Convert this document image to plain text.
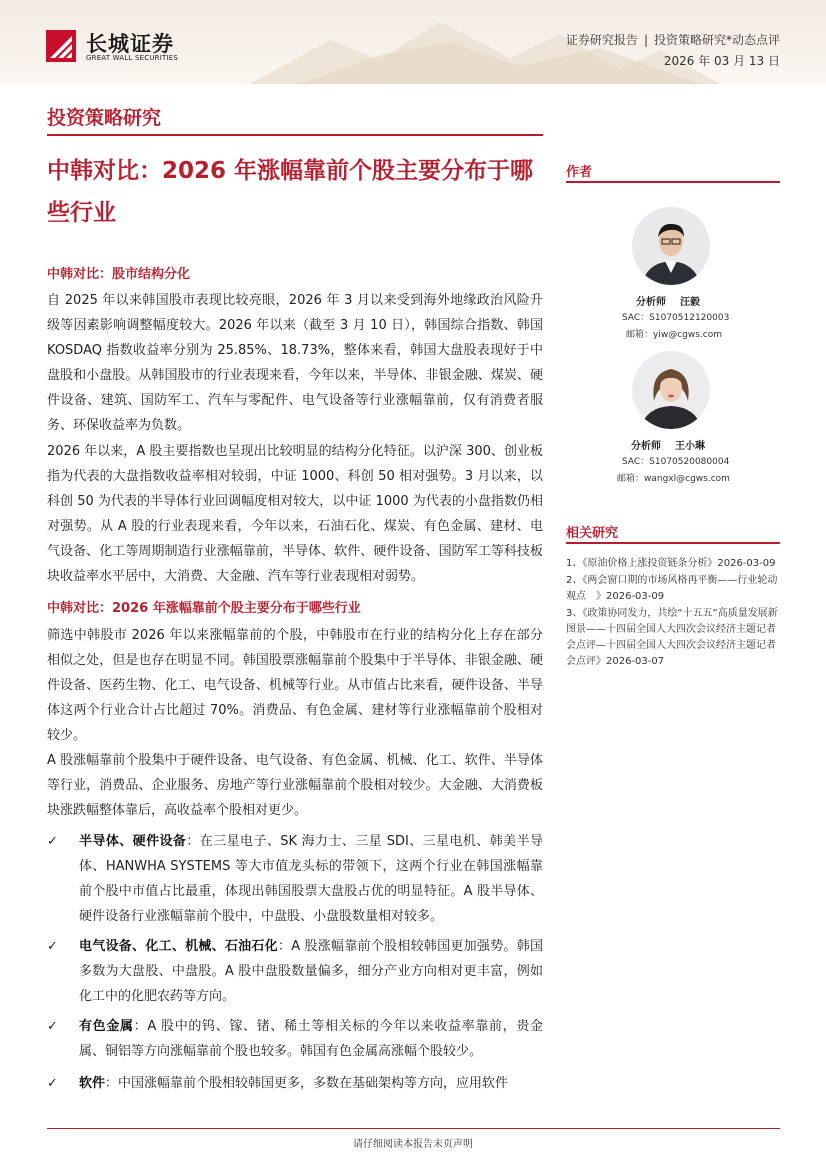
长城证券
GREAT WALL SECURITIES
证券研究报告 | 投资策略研究*动态点评
2026 年 03 月 13 日
投资策略研究
中韩对比：2026 年涨幅靠前个股主要分布于哪些行业
中韩对比：股市结构分化

自 2025 年以来韩国股市表现比较亮眼，2026 年 3 月以来受到海外地缘政治风险升级等因素影响调整幅度较大。2026 年以来（截至 3 月 10 日），韩国综合指数、韩国 KOSDAQ 指数收益率分别为 25.85%、18.73%，整体来看，韩国大盘股表现好于中盘股和小盘股。从韩国股市的行业表现来看，今年以来，半导体、非银金融、煤炭、硬件设备、建筑、国防军工、汽车与零配件、电气设备等行业涨幅靠前，仅有消费者服务、环保收益率为负数。

2026 年以来，A 股主要指数也呈现出比较明显的结构分化特征。以沪深 300、创业板指为代表的大盘指数收益率相对较弱，中证 1000、科创 50 相对强势。3 月以来，以科创 50 为代表的半导体行业回调幅度相对较大，以中证 1000 为代表的小盘指数仍相对强势。从 A 股的行业表现来看，今年以来，石油石化、煤炭、有色金属、建材、电气设备、化工等周期制造行业涨幅靠前，半导体、软件、硬件设备、国防军工等科技板块收益率水平居中，大消费、大金融、汽车等行业表现相对弱势。

中韩对比：2026 年涨幅靠前个股主要分布于哪些行业

筛选中韩股市 2026 年以来涨幅靠前的个股，中韩股市在行业的结构分化上存在部分相似之处，但是也存在明显不同。韩国股票涨幅靠前个股集中于半导体、非银金融、硬件设备、医药生物、化工、电气设备、机械等行业。从市值占比来看，硬件设备、半导体这两个行业合计占比超过 70%。消费品、有色金属、建材等行业涨幅靠前个股相对较少。

A 股涨幅靠前个股集中于硬件设备、电气设备、有色金属、机械、化工、软件、半导体等行业，消费品、企业服务、房地产等行业涨幅靠前个股相对较少。大金融、大消费板块涨跌幅整体靠后，高收益率个股相对更少。

✓ 半导体、硬件设备：在三星电子、SK 海力士、三星 SDI、三星电机、韩美半导体、HANWHA SYSTEMS 等大市值龙头标的带领下，这两个行业在韩国涨幅靠前个股中市值占比最重，体现出韩国股票大盘股占优的明显特征。A 股半导体、硬件设备行业涨幅靠前个股中，中盘股、小盘股数量相对较多。
✓ 电气设备、化工、机械、石油石化：A 股涨幅靠前个股相较韩国更加强势。韩国多数为大盘股、中盘股。A 股中盘股数量偏多，细分产业方向相对更丰富，例如化工中的化肥农药等方向。
✓ 有色金属：A 股中的钨、镓、锗、稀土等相关标的今年以来收益率靠前，贵金属、铜铝等方向涨幅靠前个股也较多。韩国有色金属高涨幅个股较少。
✓ 软件：中国涨幅靠前个股相较韩国更多，多数在基础架构等方向，应用软件
作者
分析师 汪毅
SAC：S1070512120003
邮箱：yiw@cgws.com
分析师 王小琳
SAC：S1070520080004
邮箱：wangxl@cgws.com
相关研究

1、《原油价格上涨投资链条分析》2026-03-09

2、《两会窗口期的市场风格再平衡——行业轮动观点　》2026-03-09

3、《政策协同发力，共绘“十五五”高质量发展新图景——十四届全国人大四次会议经济主题记者会点评—十四届全国人大四次会议经济主题记者会点评》2026-03-07

请仔细阅读本报告末页声明
